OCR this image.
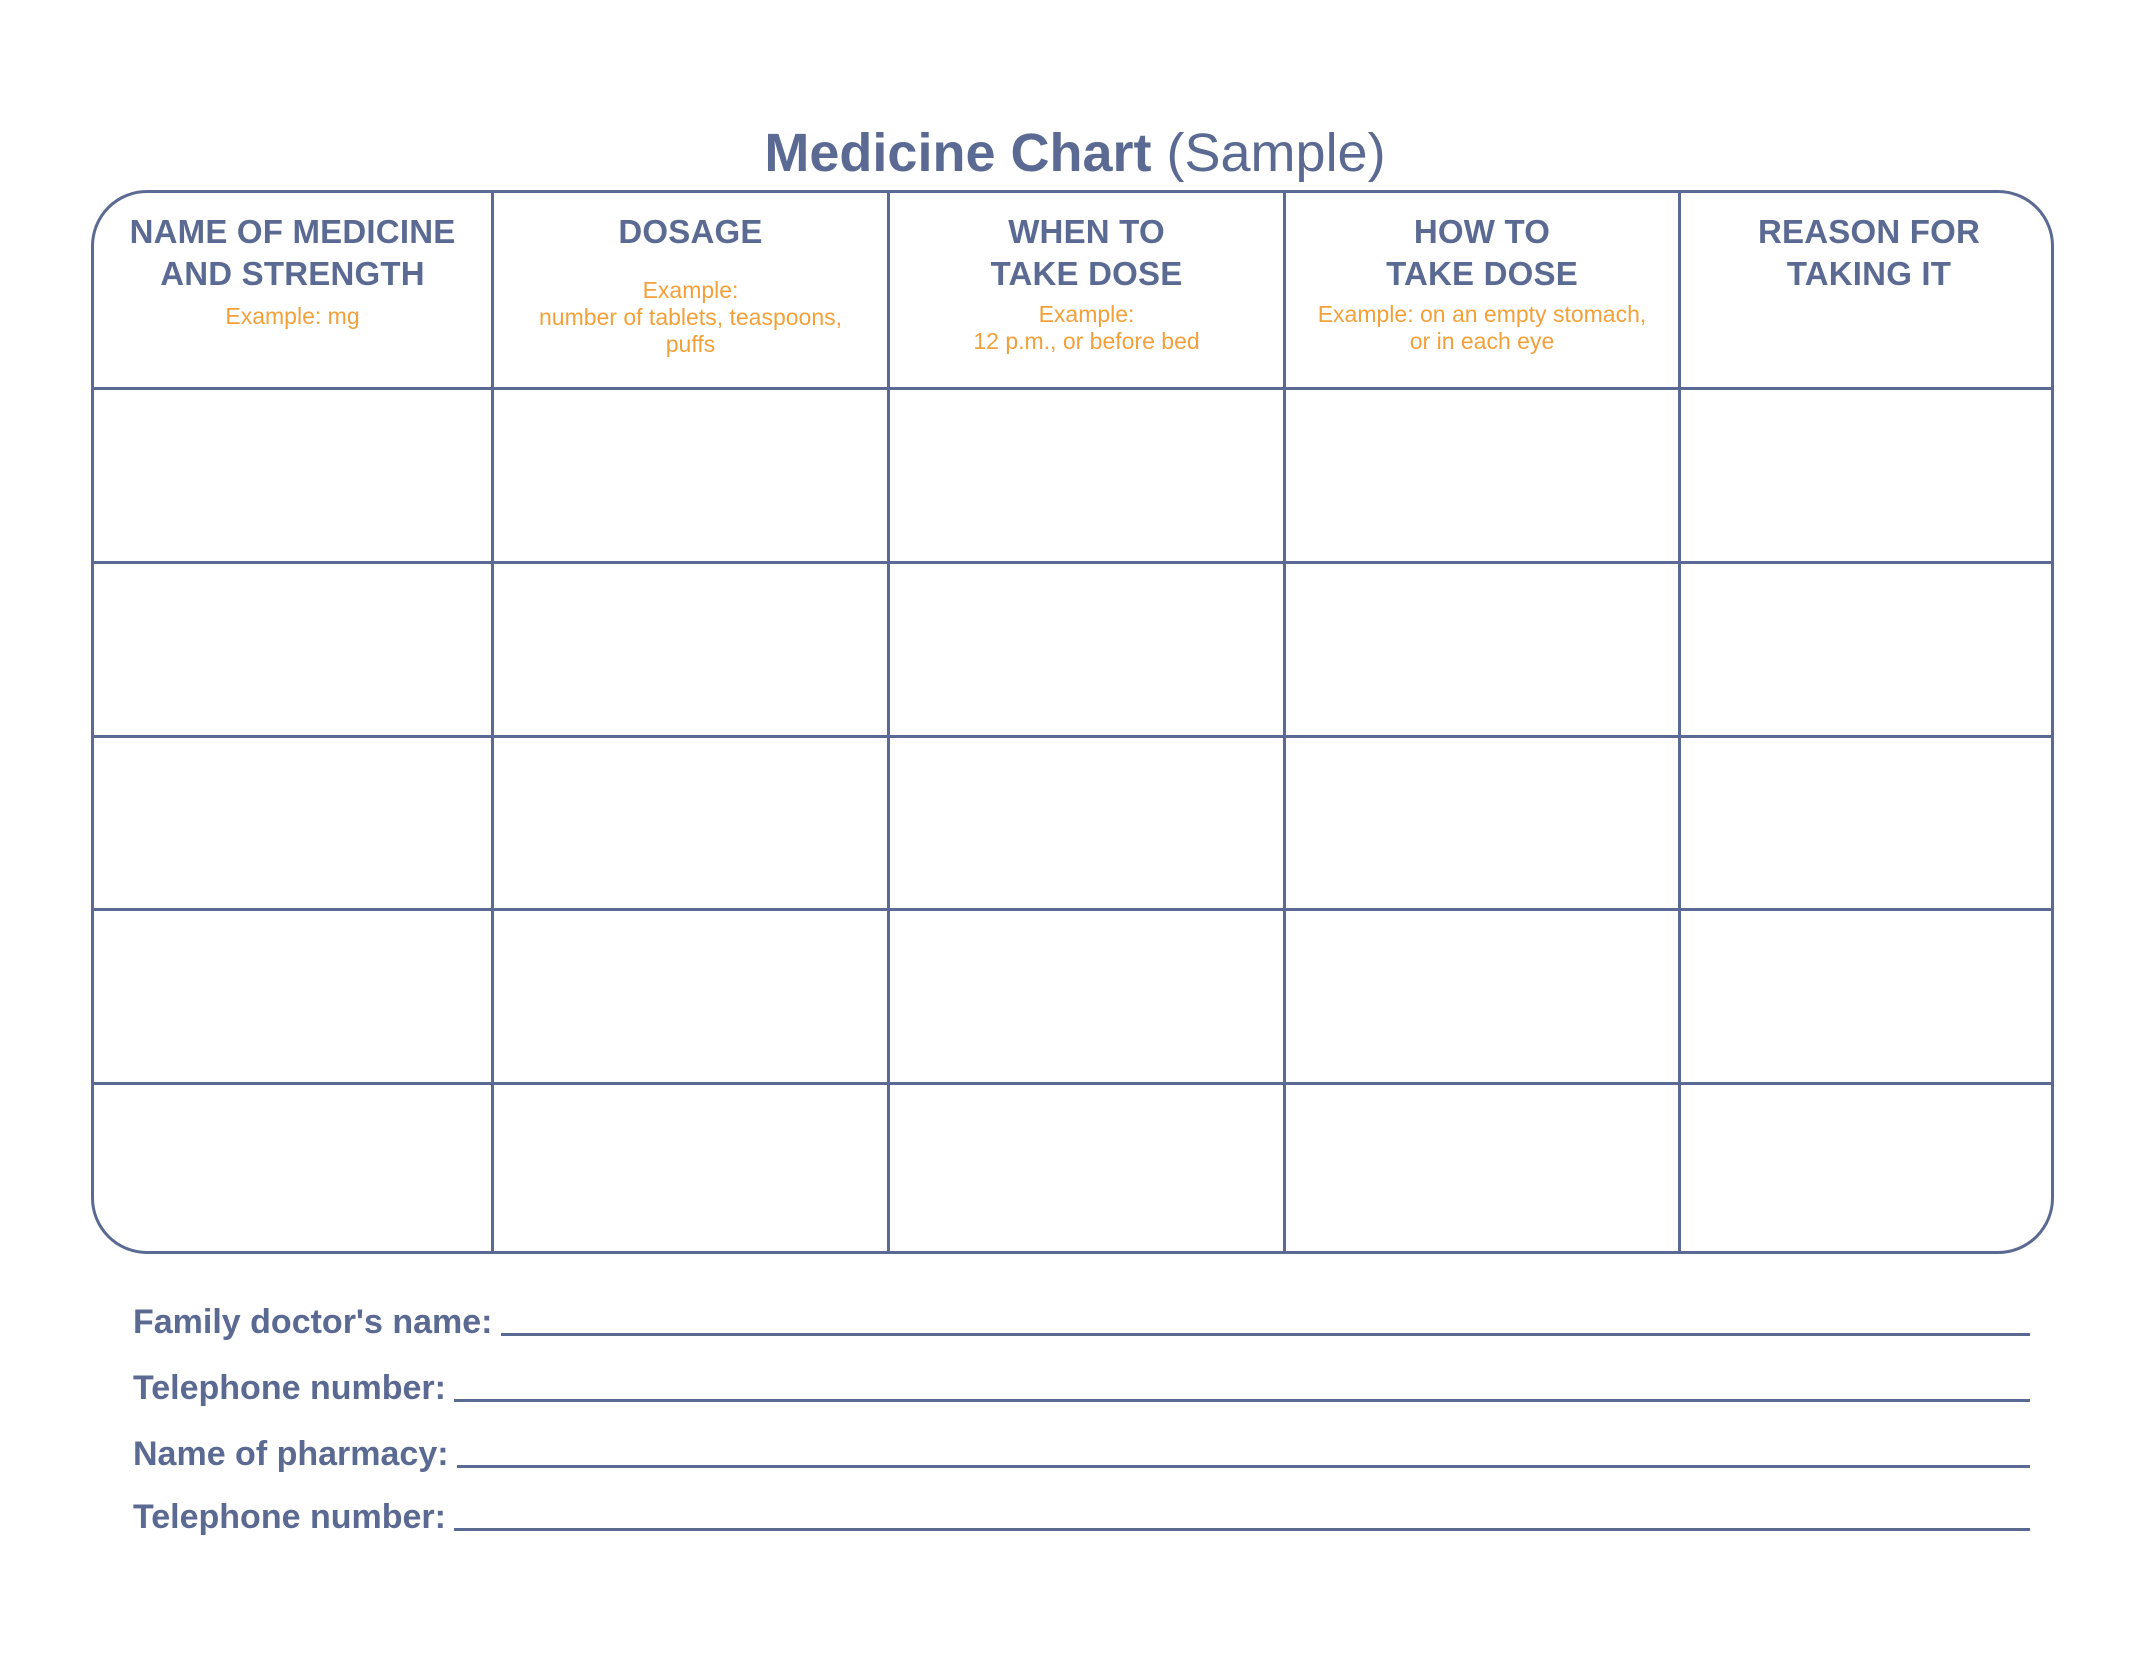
Medicine Chart (Sample)
NAME OF MEDICINE
AND STRENGTH
Example: mg
DOSAGE
Example:
number of tablets, teaspoons,
puffs
WHEN TO
TAKE DOSE
Example:
12 p.m., or before bed
HOW TO
TAKE DOSE
Example: on an empty stomach,
or in each eye
REASON FOR
TAKING IT
Family doctor's name:
Telephone number:
Name of pharmacy:
Telephone number:
